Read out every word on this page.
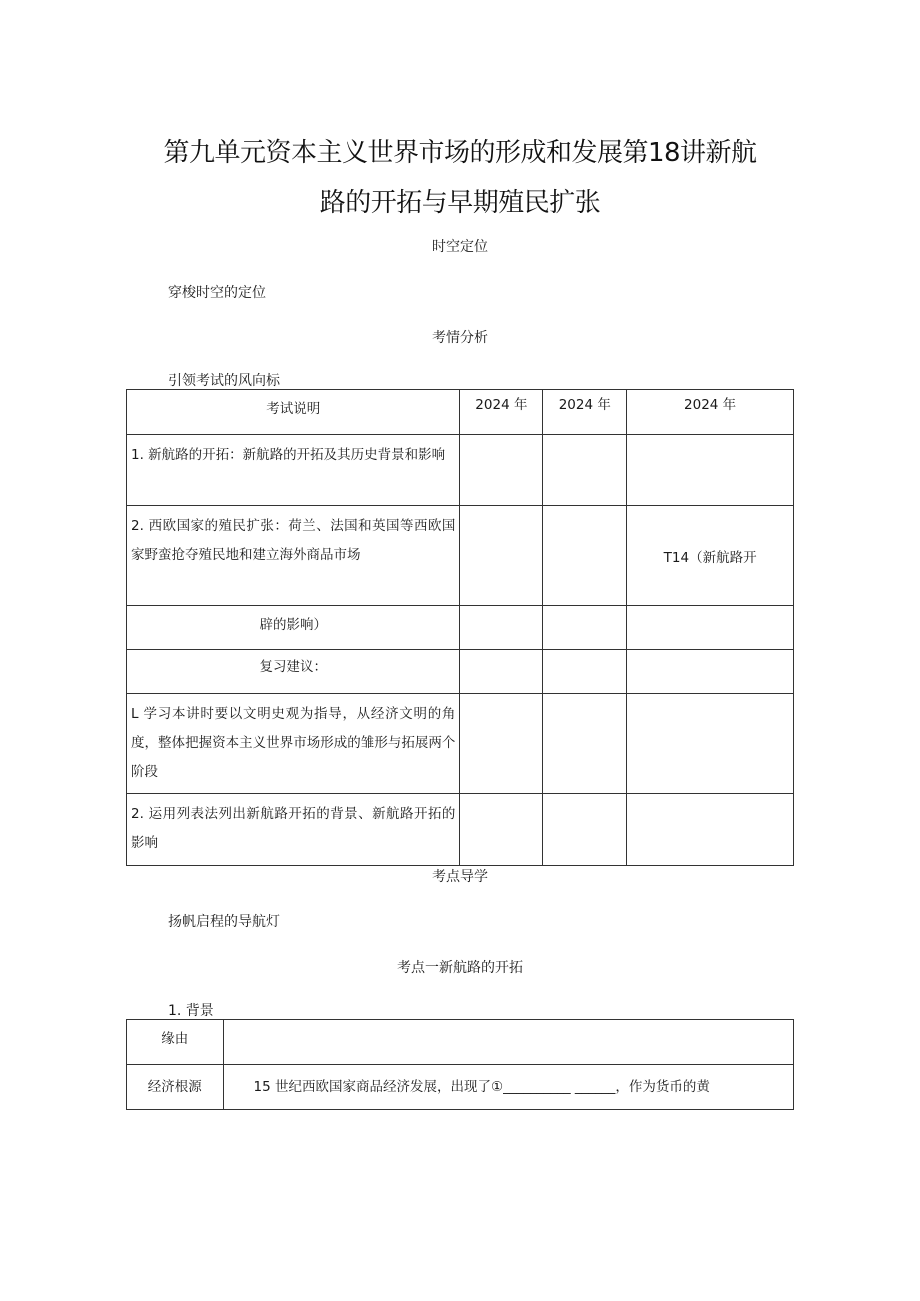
第九单元资本主义世界市场的形成和发展第18讲新航
路的开拓与早期殖民扩张
时空定位
穿梭时空的定位
考情分析
引领考试的风向标
考试说明	2024 年	2024 年	2024 年
1. 新航路的开拓：新航路的开拓及其历史背景和影响			
2. 西欧国家的殖民扩张：荷兰、法国和英国等西欧国家野蛮抢夺殖民地和建立海外商品市场			T14（新航路开
辟的影响）			
复习建议：			
L 学习本讲时要以文明史观为指导，从经济文明的角度，整体把握资本主义世界市场形成的雏形与拓展两个阶段			
2. 运用列表法列出新航路开拓的背景、新航路开拓的影响			
考点导学
扬帆启程的导航灯
考点一新航路的开拓
1. 背景
缘由	
经济根源	15 世纪西欧国家商品经济发展，出现了①__________ ______，作为货币的黄
